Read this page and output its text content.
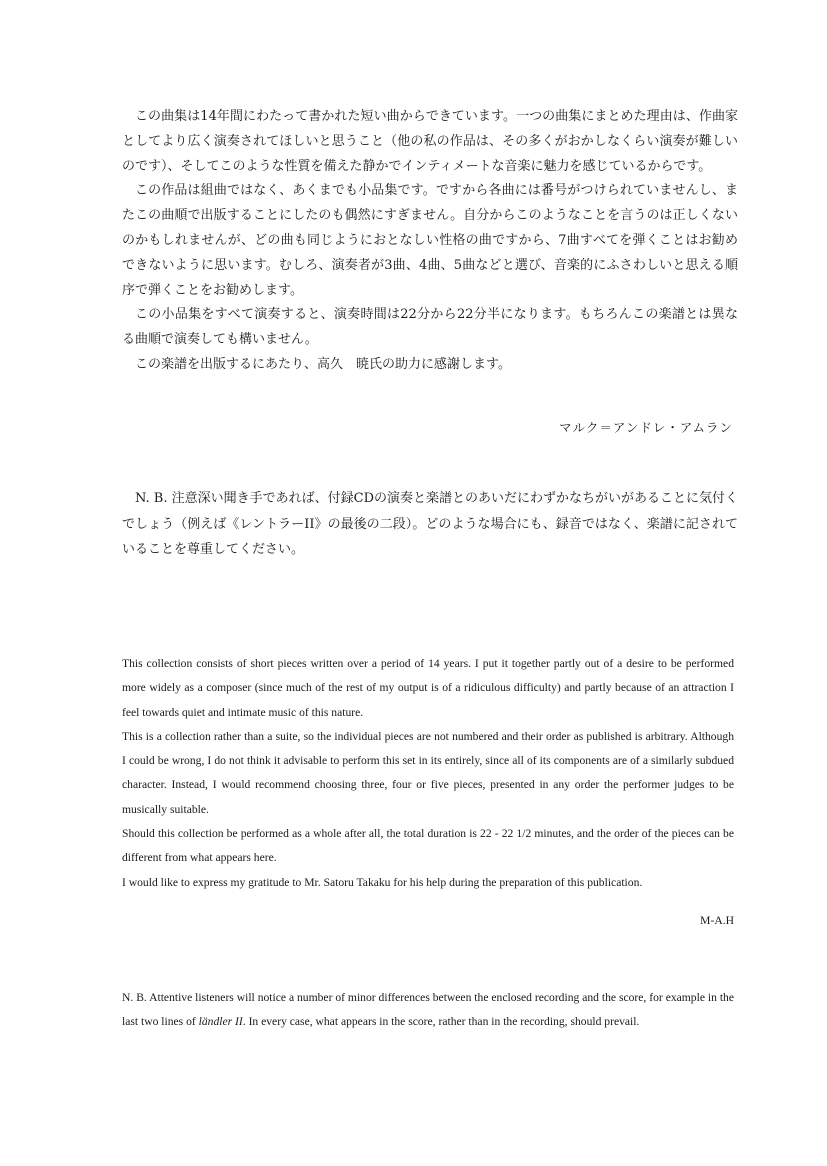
この曲集は14年間にわたって書かれた短い曲からできています。一つの曲集にまとめた理由は、作曲家としてより広く演奏されてほしいと思うこと（他の私の作品は、その多くがおかしなくらい演奏が難しいのです）、そしてこのような性質を備えた静かでインティメートな音楽に魅力を感じているからです。

この作品は組曲ではなく、あくまでも小品集です。ですから各曲には番号がつけられていませんし、またこの曲順で出版することにしたのも偶然にすぎません。自分からこのようなことを言うのは正しくないのかもしれませんが、どの曲も同じようにおとなしい性格の曲ですから、7曲すべてを弾くことはお勧めできないように思います。むしろ、演奏者が3曲、4曲、5曲などと選び、音楽的にふさわしいと思える順序で弾くことをお勧めします。

この小品集をすべて演奏すると、演奏時間は22分から22分半になります。もちろんこの楽譜とは異なる曲順で演奏しても構いません。

この楽譜を出版するにあたり、高久　暁氏の助力に感謝します。

マルク＝アンドレ・アムラン

N. B. 注意深い聞き手であれば、付録CDの演奏と楽譜とのあいだにわずかなちがいがあることに気付くでしょう（例えば《レントラーII》の最後の二段）。どのような場合にも、録音ではなく、楽譜に記されていることを尊重してください。

This collection consists of short pieces written over a period of 14 years. I put it together partly out of a desire to be performed more widely as a composer (since much of the rest of my output is of a ridiculous difficulty) and partly because of an attraction I feel towards quiet and intimate music of this nature.

This is a collection rather than a suite, so the individual pieces are not numbered and their order as published is arbitrary. Although I could be wrong, I do not think it advisable to perform this set in its entirely, since all of its components are of a similarly subdued character. Instead, I would recommend choosing three, four or five pieces, presented in any order the performer judges to be musically suitable.

Should this collection be performed as a whole after all, the total duration is 22 - 22 1/2 minutes, and the order of the pieces can be different from what appears here.

I would like to express my gratitude to Mr. Satoru Takaku for his help during the preparation of this publication.

M-A.H

N. B. Attentive listeners will notice a number of minor differences between the enclosed recording and the score, for example in the last two lines of ländler II. In every case, what appears in the score, rather than in the recording, should prevail.
